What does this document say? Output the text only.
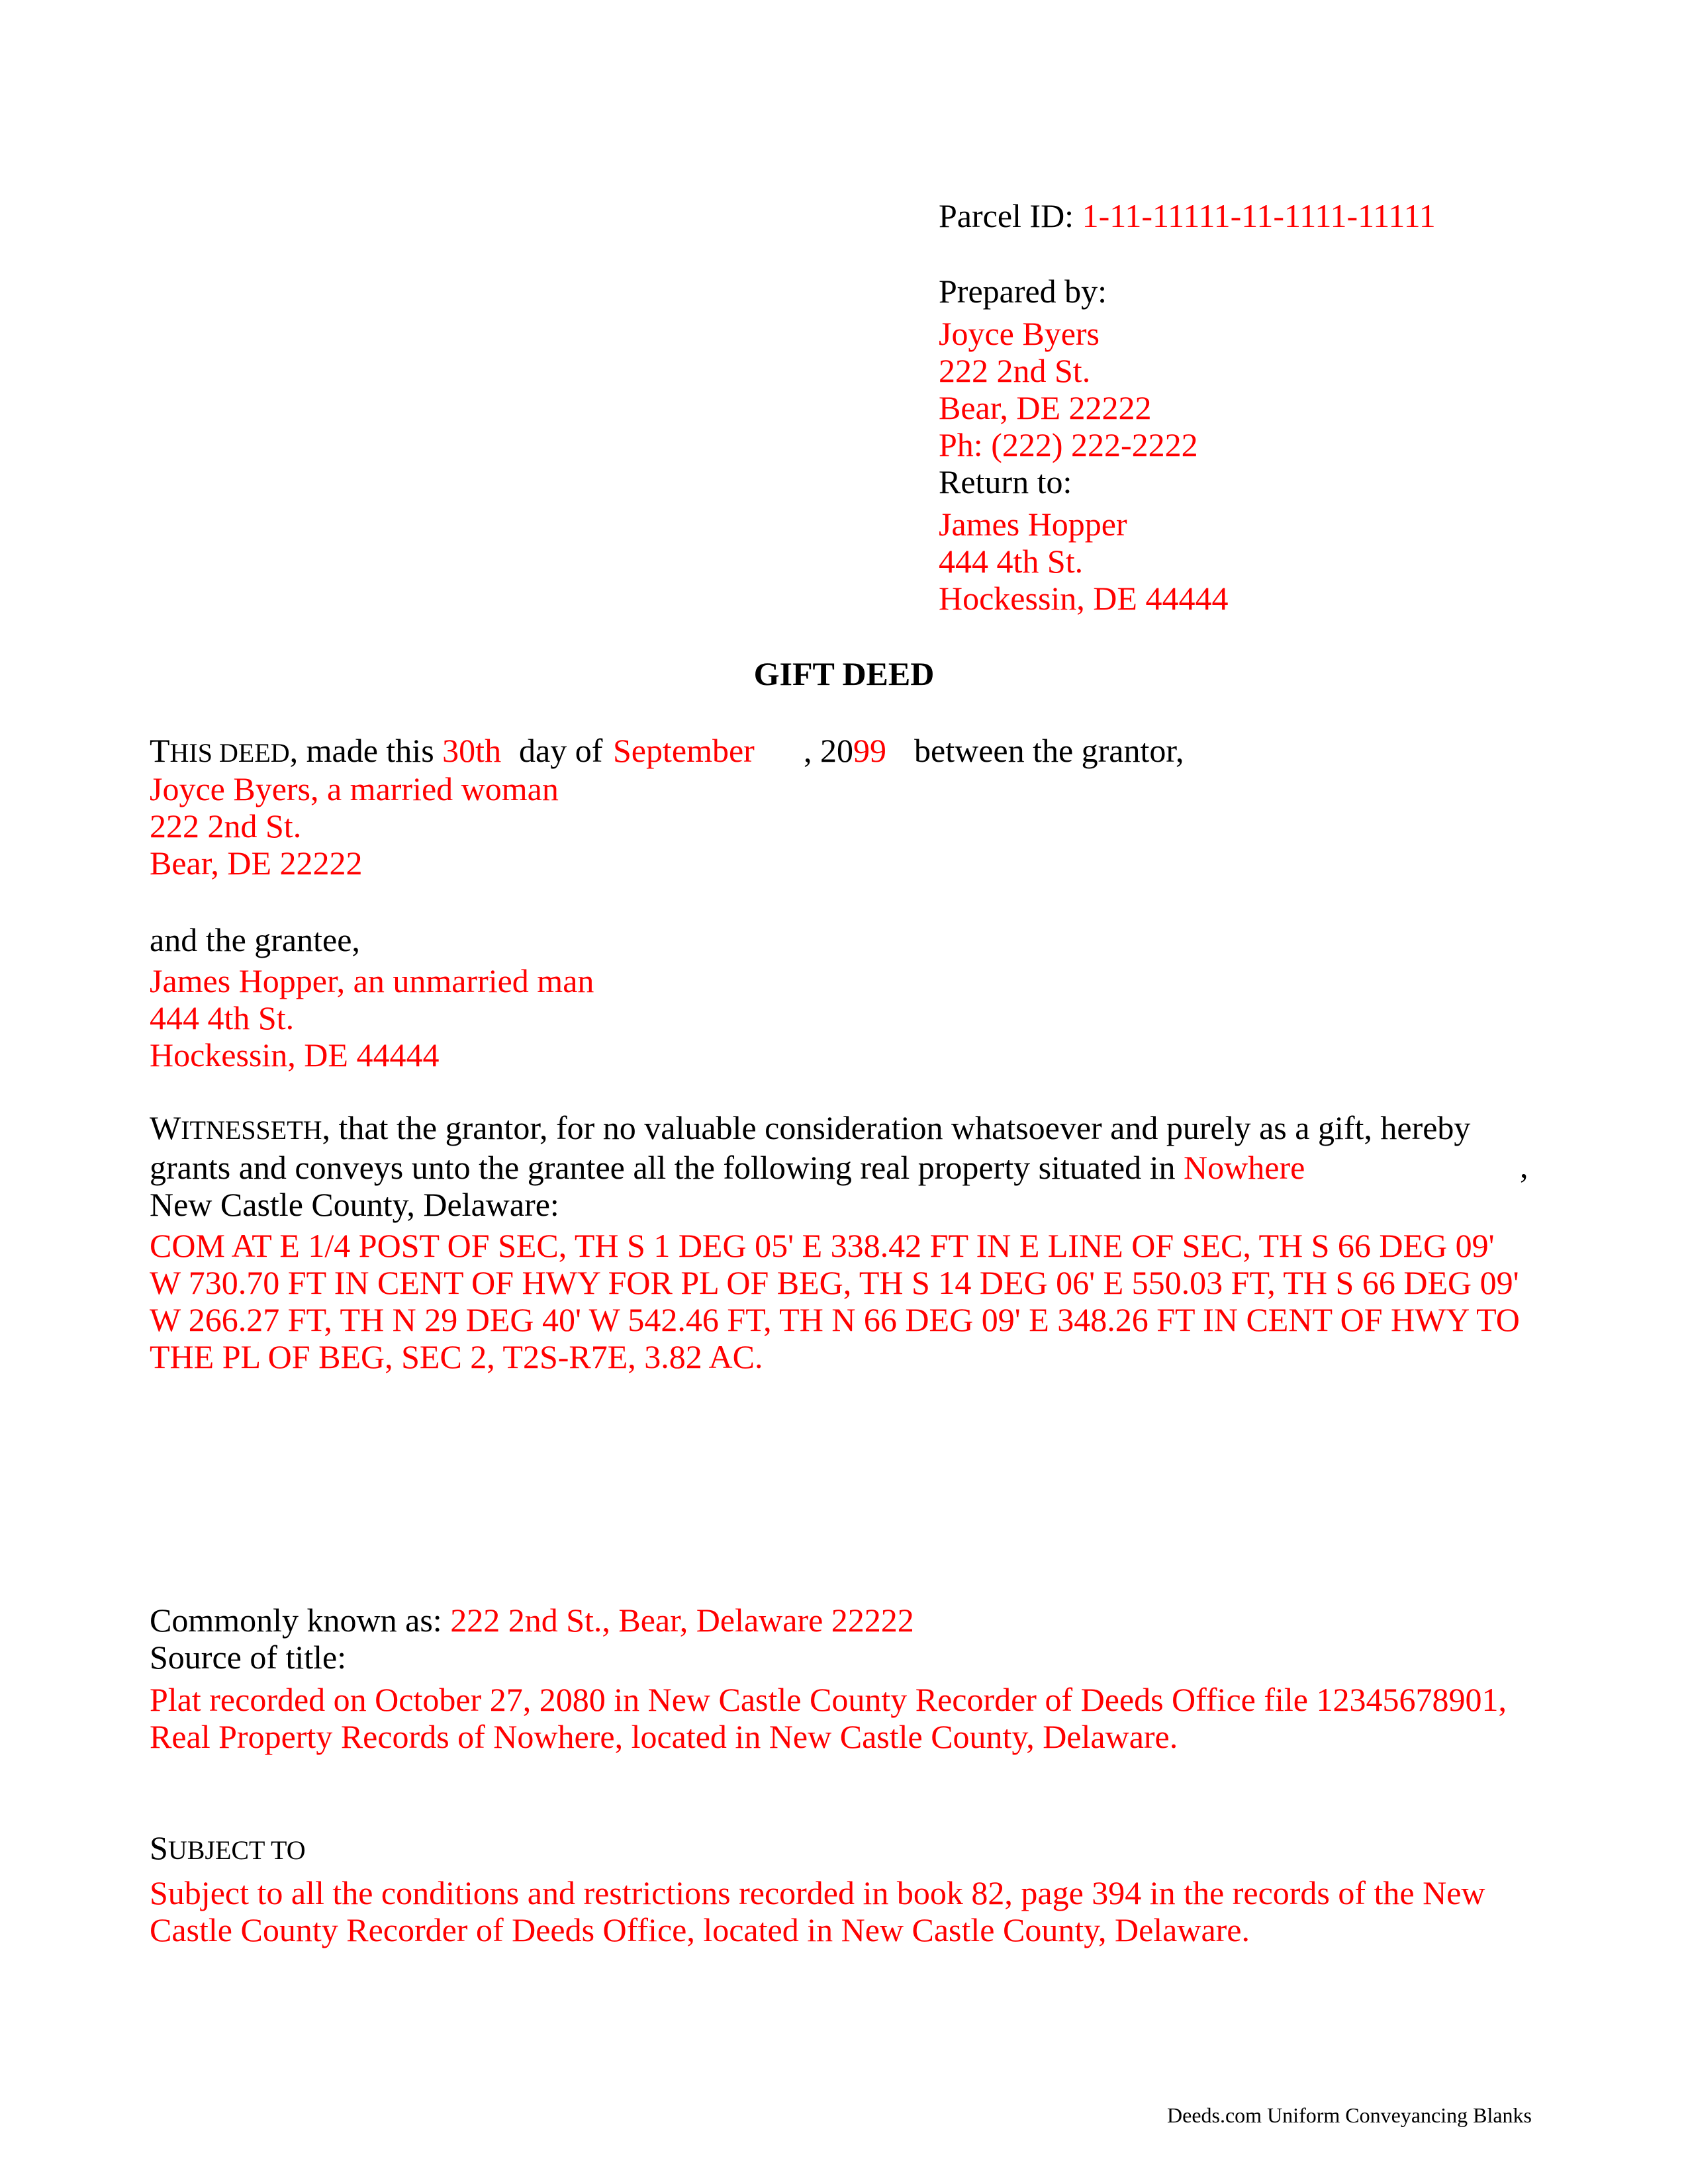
Parcel ID: 1-11-11111-11-1111-11111
Prepared by:
Joyce Byers
222 2nd St.
Bear, DE 22222
Ph: (222) 222-2222
Return to:
James Hopper
444 4th St.
Hockessin, DE 44444
GIFT DEED
THIS DEED, made this 30th day of September , 2099 between the grantor,
Joyce Byers, a married woman
222 2nd St.
Bear, DE 22222
and the grantee,
James Hopper, an unmarried man
444 4th St.
Hockessin, DE 44444
WITNESSETH, that the grantor, for no valuable consideration whatsoever and purely as a gift, hereby
grants and conveys unto the grantee all the following real property situated in Nowhere
New Castle County, Delaware:
,
COM AT E 1/4 POST OF SEC, TH S 1 DEG 05' E 338.42 FT IN E LINE OF SEC, TH S 66 DEG 09'
W 730.70 FT IN CENT OF HWY FOR PL OF BEG, TH S 14 DEG 06' E 550.03 FT, TH S 66 DEG 09'
W 266.27 FT, TH N 29 DEG 40' W 542.46 FT, TH N 66 DEG 09' E 348.26 FT IN CENT OF HWY TO
THE PL OF BEG, SEC 2, T2S-R7E, 3.82 AC.
Commonly known as: 222 2nd St., Bear, Delaware 22222
Source of title:
Plat recorded on October 27, 2080 in New Castle County Recorder of Deeds Office file 12345678901,
Real Property Records of Nowhere, located in New Castle County, Delaware.
SUBJECT TO
Subject to all the conditions and restrictions recorded in book 82, page 394 in the records of the New
Castle County Recorder of Deeds Office, located in New Castle County, Delaware.
Deeds.com Uniform Conveyancing Blanks
